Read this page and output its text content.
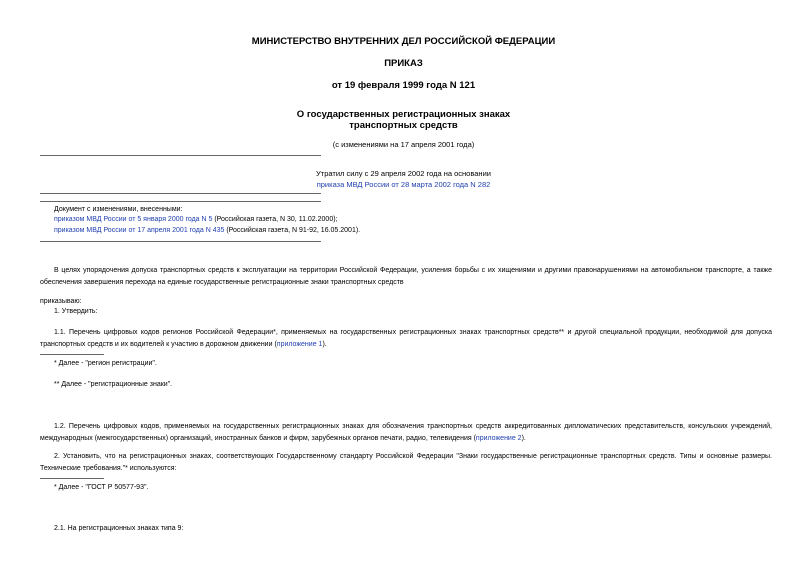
МИНИСТЕРСТВО ВНУТРЕННИХ ДЕЛ РОССИЙСКОЙ ФЕДЕРАЦИИ
ПРИКАЗ
от 19 февраля 1999 года N 121
О государственных регистрационных знаках
транспортных средств
(с изменениями на 17 апреля 2001 года)
Утратил силу с 29 апреля 2002 года на основании
приказа МВД России от 28 марта 2002 года N 282
Документ с изменениями, внесенными:
приказом МВД России от 5 января 2000 года N 5 (Российская газета, N 30, 11.02.2000);
приказом МВД России от 17 апреля 2001 года N 435 (Российская газета, N 91-92, 16.05.2001).
В целях упорядочения допуска транспортных средств к эксплуатации на территории Российской Федерации, усиления борьбы с их хищениями и другими правонарушениями на автомобильном транспорте, а также обеспечения завершения перехода на единые государственные регистрационные знаки транспортных средств
приказываю:
1. Утвердить:
1.1. Перечень цифровых кодов регионов Российской Федерации*, применяемых на государственных регистрационных знаках транспортных средств** и другой специальной продукции, необходимой для допуска транспортных средств и их водителей к участию в дорожном движении (приложение 1).
* Далее - "регион регистрации".
** Далее - "регистрационные знаки".
1.2. Перечень цифровых кодов, применяемых на государственных регистрационных знаках для обозначения транспортных средств аккредитованных дипломатических представительств, консульских учреждений, международных (межгосударственных) организаций, иностранных банков и фирм, зарубежных органов печати, радио, телевидения (приложение 2).
2. Установить, что на регистрационных знаках, соответствующих Государственному стандарту Российской Федерации "Знаки государственные регистрационные транспортных средств. Типы и основные размеры. Технические требования."* используются:
* Далее - "ГОСТ Р 50577-93".
2.1. На регистрационных знаках типа 9:
